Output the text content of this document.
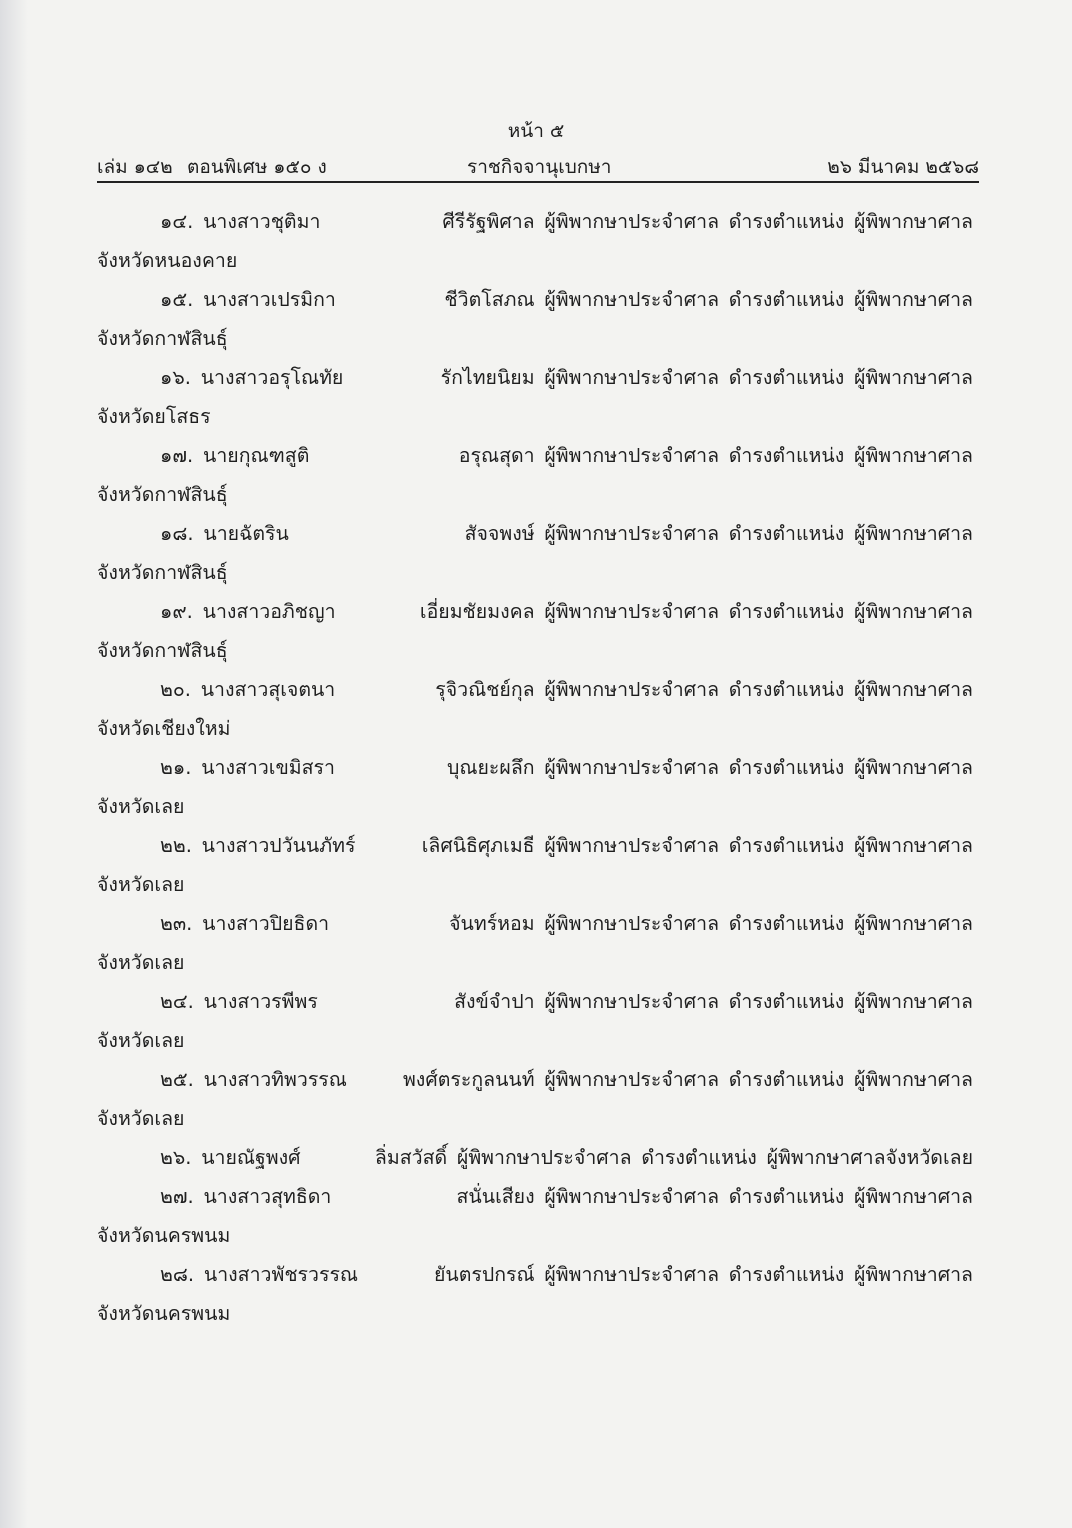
หน้า ๕
เล่ม ๑๔๒ ตอนพิเศษ ๑๕๐ ง	ราชกิจจานุเบกษา	๒๖ มีนาคม ๒๕๖๘
๑๔. นางสาวชุติมา ศีรีรัฐพิศาล ผู้พิพากษาประจำศาล ดำรงตำแหน่ง ผู้พิพากษาศาล
จังหวัดหนองคาย
๑๕. นางสาวเปรมิกา ชีวิตโสภณ ผู้พิพากษาประจำศาล ดำรงตำแหน่ง ผู้พิพากษาศาล
จังหวัดกาฬสินธุ์
๑๖. นางสาวอรุโณทัย รักไทยนิยม ผู้พิพากษาประจำศาล ดำรงตำแหน่ง ผู้พิพากษาศาล
จังหวัดยโสธร
๑๗. นายกุณฑสูติ อรุณสุดา ผู้พิพากษาประจำศาล ดำรงตำแหน่ง ผู้พิพากษาศาล
จังหวัดกาฬสินธุ์
๑๘. นายฉัตริน สัจจพงษ์ ผู้พิพากษาประจำศาล ดำรงตำแหน่ง ผู้พิพากษาศาล
จังหวัดกาฬสินธุ์
๑๙. นางสาวอภิชญา เอี่ยมชัยมงคล ผู้พิพากษาประจำศาล ดำรงตำแหน่ง ผู้พิพากษาศาล
จังหวัดกาฬสินธุ์
๒๐. นางสาวสุเจตนา รุจิวณิชย์กุล ผู้พิพากษาประจำศาล ดำรงตำแหน่ง ผู้พิพากษาศาล
จังหวัดเชียงใหม่
๒๑. นางสาวเขมิสรา บุณยะผลึก ผู้พิพากษาประจำศาล ดำรงตำแหน่ง ผู้พิพากษาศาล
จังหวัดเลย
๒๒. นางสาวปวันนภัทร์ เลิศนิธิศุภเมธี ผู้พิพากษาประจำศาล ดำรงตำแหน่ง ผู้พิพากษาศาล
จังหวัดเลย
๒๓. นางสาวปิยธิดา จันทร์หอม ผู้พิพากษาประจำศาล ดำรงตำแหน่ง ผู้พิพากษาศาล
จังหวัดเลย
๒๔. นางสาวรพีพร สังข์จำปา ผู้พิพากษาประจำศาล ดำรงตำแหน่ง ผู้พิพากษาศาล
จังหวัดเลย
๒๕. นางสาวทิพวรรณ พงศ์ตระกูลนนท์ ผู้พิพากษาประจำศาล ดำรงตำแหน่ง ผู้พิพากษาศาล
จังหวัดเลย
๒๖. นายณัฐพงศ์ ลิ่มสวัสดิ์ ผู้พิพากษาประจำศาล ดำรงตำแหน่ง ผู้พิพากษาศาลจังหวัดเลย
๒๗. นางสาวสุทธิดา สนั่นเสียง ผู้พิพากษาประจำศาล ดำรงตำแหน่ง ผู้พิพากษาศาล
จังหวัดนครพนม
๒๘. นางสาวพัชรวรรณ ยันตรปกรณ์ ผู้พิพากษาประจำศาล ดำรงตำแหน่ง ผู้พิพากษาศาล
จังหวัดนครพนม
